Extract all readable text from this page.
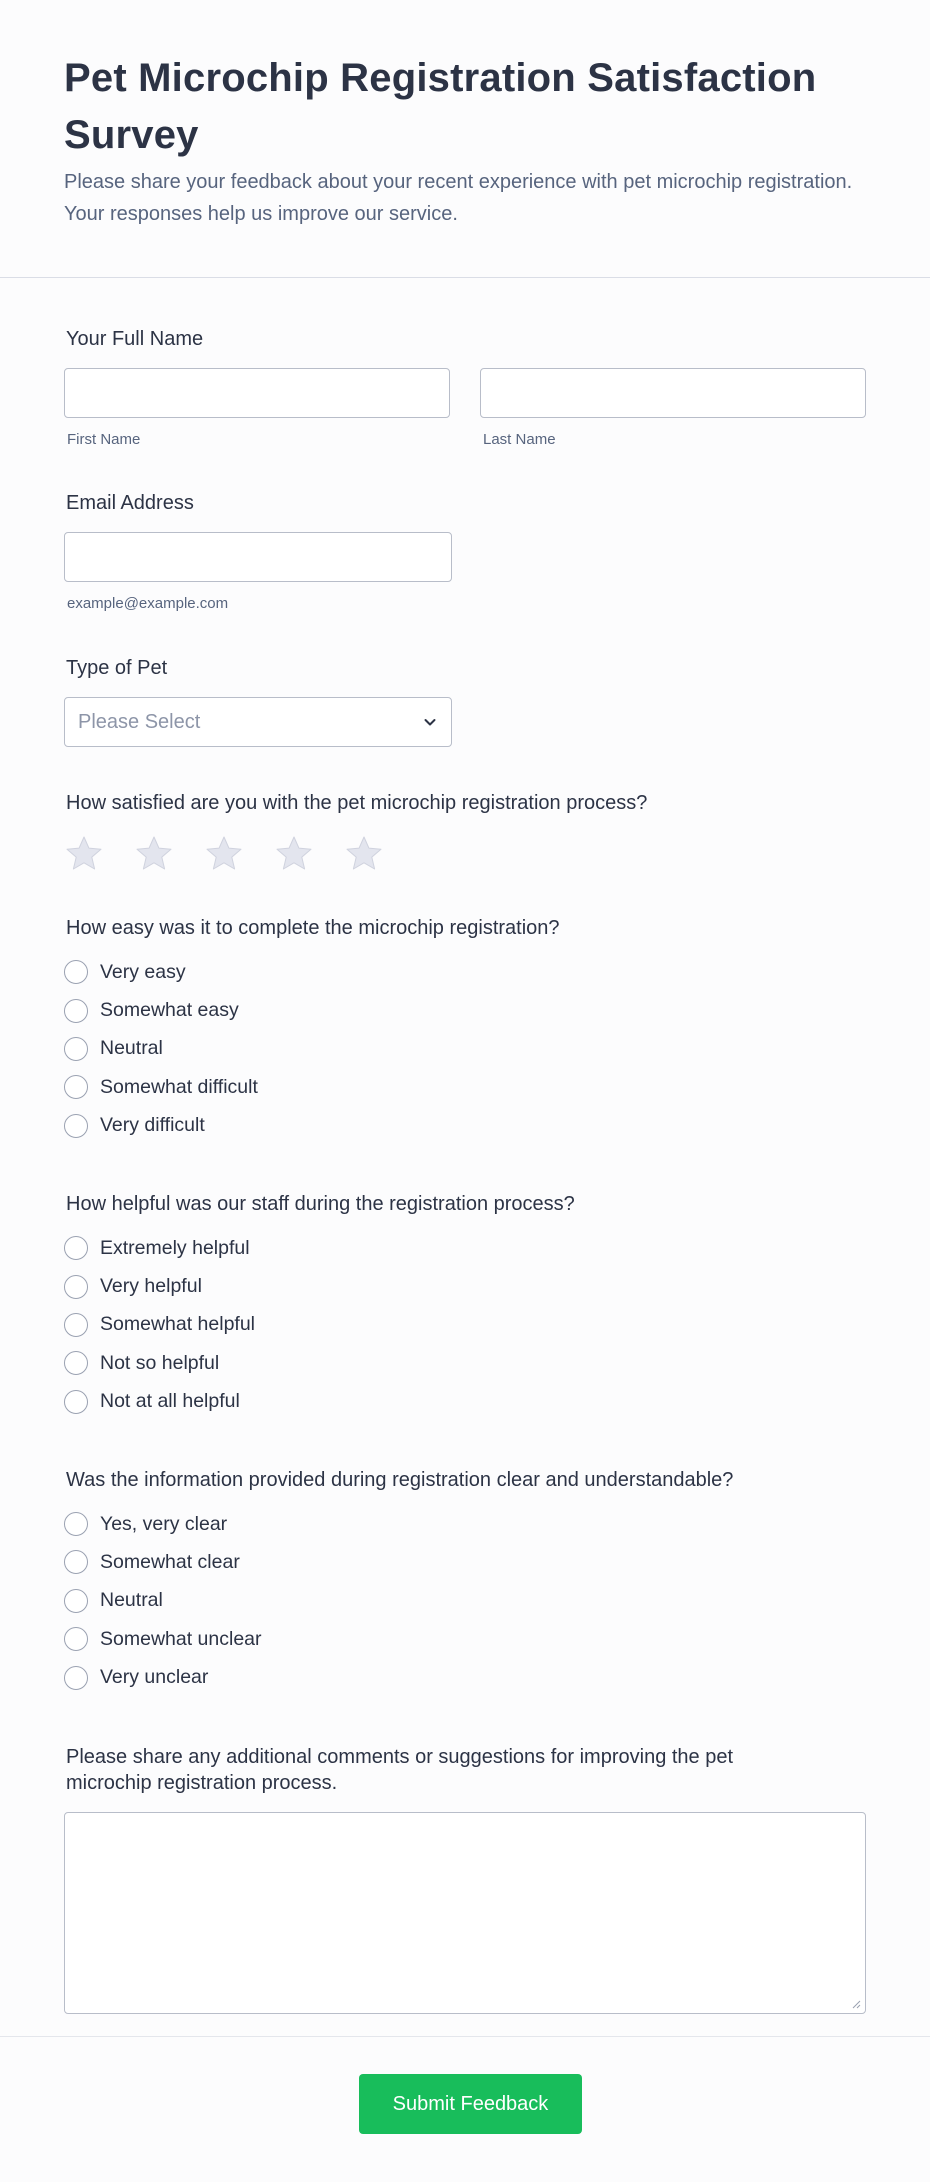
Pet Microchip Registration Satisfaction Survey

Please share your feedback about your recent experience with pet microchip registration. Your responses help us improve our service.

Your Full Name
First Name	Last Name
Email Address
example@example.com
Type of Pet
Please Select
How satisfied are you with the pet microchip registration process?
How easy was it to complete the microchip registration?
Very easy
Somewhat easy
Neutral
Somewhat difficult
Very difficult
How helpful was our staff during the registration process?
Extremely helpful
Very helpful
Somewhat helpful
Not so helpful
Not at all helpful
Was the information provided during registration clear and understandable?
Yes, very clear
Somewhat clear
Neutral
Somewhat unclear
Very unclear
Please share any additional comments or suggestions for improving the pet microchip registration process.
Submit Feedback
